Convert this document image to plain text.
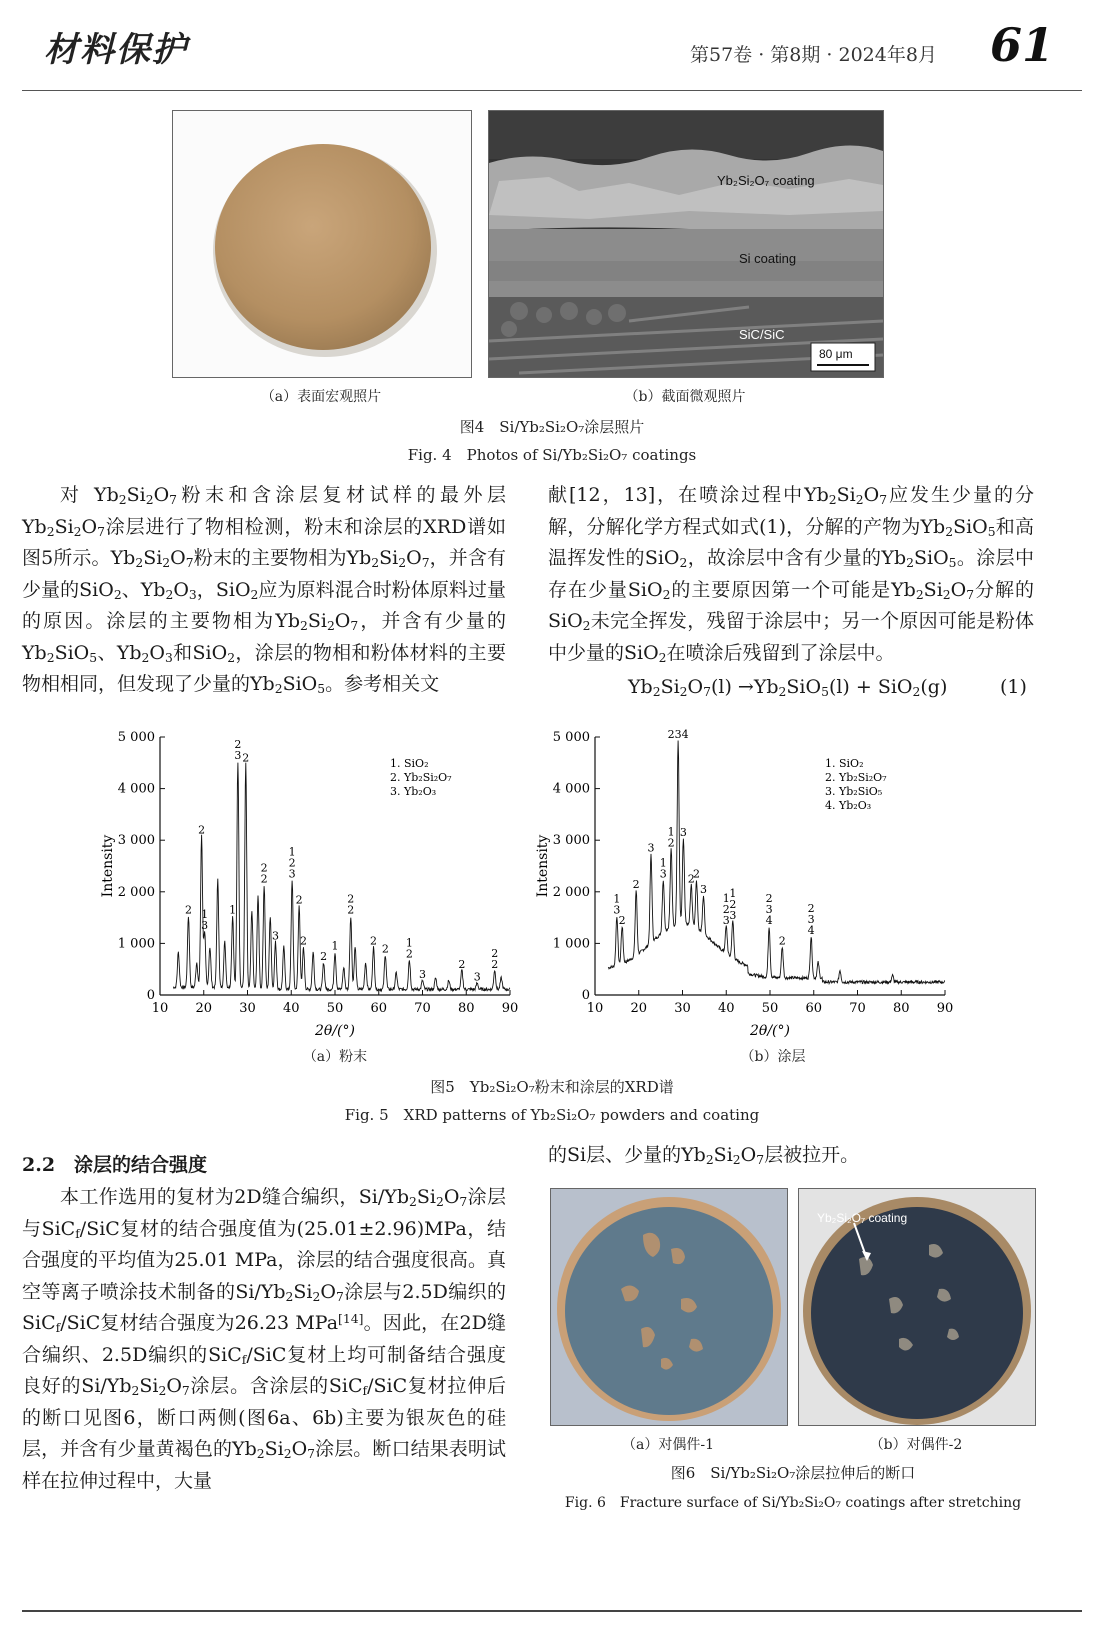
材料保护	第57卷 · 第8期 · 2024年8月 61
Yb₂Si₂O₇ coating
Si coating
SiC/SiC
80 μm
（a）表面宏观照片	（b）截面微观照片
图4　Si/Yb₂Si₂O₇涂层照片
Fig. 4　Photos of Si/Yb₂Si₂O₇ coatings

对 $Yb_2Si_2O_7$粉末和含涂层复材试样的最外层$Yb_2Si_2O_7$涂层进行了物相检测，粉末和涂层的XRD谱如图5所示。$Yb_2Si_2O_7$粉末的主要物相为$Yb_2Si_2O_7$，并含有少量的SiO$_2$、$Yb_2O_3$，SiO$_2$应为原料混合时粉体原料过量的原因。涂层的主要物相为$Yb_2Si_2O_7$，并含有少量的$Yb_2SiO_5$、$Yb_2O_3$和SiO$_2$，涂层的物相和粉体材料的主要物相相同，但发现了少量的$Yb_2SiO_5$。参考相关文

献[12，13]，在喷涂过程中$Yb_2Si_2O_7$应发生少量的分解，分解化学方程式如式(1)，分解的产物为$Yb_2SiO_5$和高温挥发性的SiO$_2$，故涂层中含有少量的$Yb_2SiO_5$。涂层中存在少量SiO$_2$的主要原因第一个可能是$Yb_2Si_2O_7$分解的SiO$_2$未完全挥发，残留于涂层中；另一个原因可能是粉体中少量的SiO$_2$在喷涂后残留到了涂层中。

$Yb_2Si_2O_7(l) \to Yb_2SiO_5(l) + SiO_2(g)$	(1)
10 20 30 40 50 60 70 80 90
0
1 000
2 000
3 000
4 000
5 000
2θ/(°)
Intensity
2
2
1
3
1
2
3 2
2
2
3
1
2
3
2
2
2
1
2
2
2
2 1
2
3
2
3
2
2
1. SiO₂
2. Yb₂Si₂O₇
3. Yb₂O₃
10 20 30 40 50 60 70 80 90
0
1 000
2 000
3 000
4 000
5 000
2θ/(°)
Intensity
1
3
2
2
3
1
3
1
2
234
3
2
2
3
1
2
3
1
2
3
2
3
4
2
2
3
4
1. SiO₂
2. Yb₂Si₂O₇
3. Yb₂SiO₅
4. Yb₂O₃
（a）粉末	（b）涂层
图5　Yb₂Si₂O₇粉末和涂层的XRD谱
Fig. 5　XRD patterns of Yb₂Si₂O₇ powders and coating
2.2　涂层的结合强度

本工作选用的复材为2D缝合编织，$Si/Yb_2Si_2O_7$涂层与SiC$_f$/SiC复材的结合强度值为(25.01±2.96)MPa，结合强度的平均值为25.01 MPa，涂层的结合强度很高。真空等离子喷涂技术制备的$Si/Yb_2Si_2O_7$涂层与2.5D编织的SiC$_f$/SiC复材结合强度为26.23 MPa[14]。因此，在2D缝合编织、2.5D编织的SiC$_f$/SiC复材上均可制备结合强度良好的$Si/Yb_2Si_2O_7$涂层。含涂层的SiC$_f$/SiC复材拉伸后的断口见图6，断口两侧(图6a、6b)主要为银灰色的硅层，并含有少量黄褐色的$Yb_2Si_2O_7$涂层。断口结果表明试样在拉伸过程中，大量

的Si层、少量的$Yb_2Si_2O_7$层被拉开。

Yb₂Si₂O₇ coating
（a）对偶件-1	（b）对偶件-2
图6　Si/Yb₂Si₂O₇涂层拉伸后的断口
Fig. 6　Fracture surface of Si/Yb₂Si₂O₇ coatings after stretching
